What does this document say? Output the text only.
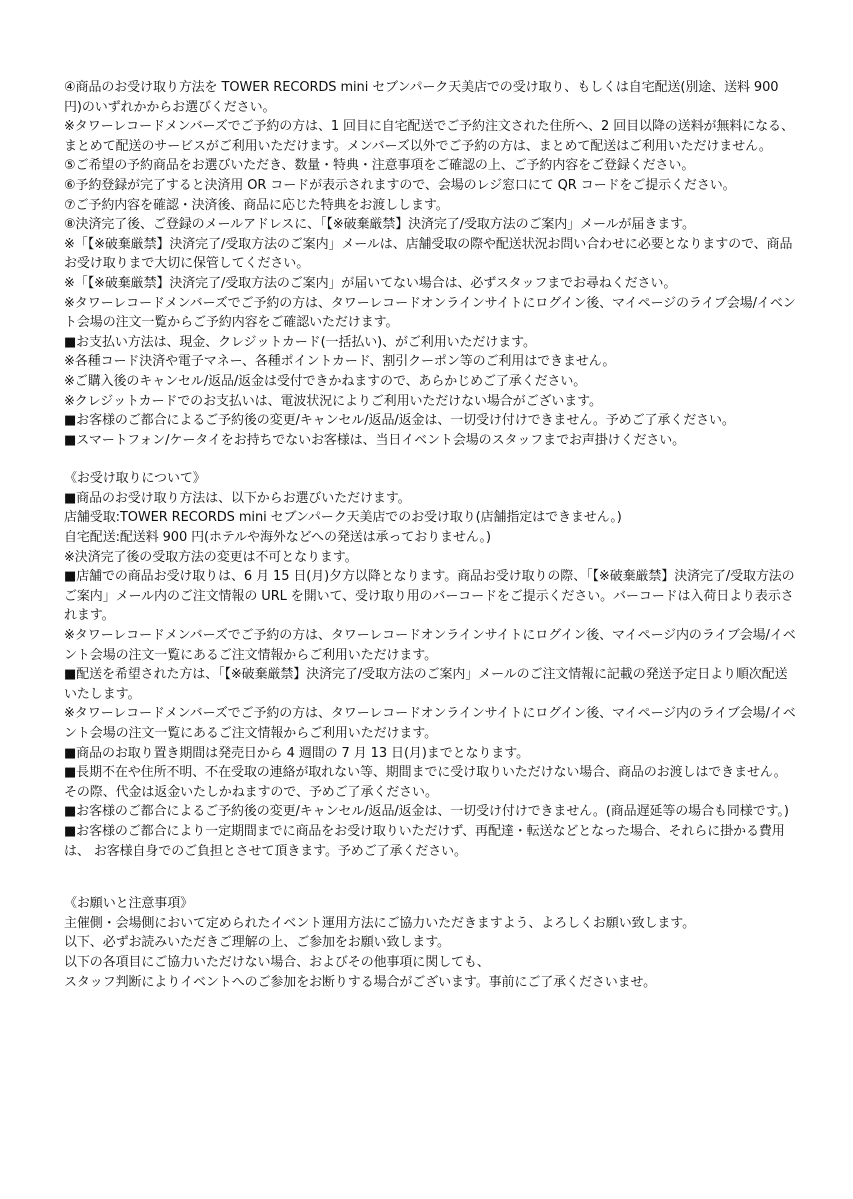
④商品のお受け取り方法を TOWER RECORDS mini セブンパーク天美店での受け取り、もしくは自宅配送(別途、送料 900 円)のいずれかからお選びください。

※タワーレコードメンバーズでご予約の方は、1 回目に自宅配送でご予約注文された住所へ、2 回目以降の送料が無料になる、まとめて配送のサービスがご利用いただけます。メンバーズ以外でご予約の方は、まとめて配送はご利用いただけません。

⑤ご希望の予約商品をお選びいただき、数量・特典・注意事項をご確認の上、ご予約内容をご登録ください。

⑥予約登録が完了すると決済用 OR コードが表示されますので、会場のレジ窓口にて QR コードをご提示ください。

⑦ご予約内容を確認・決済後、商品に応じた特典をお渡しします。

⑧決済完了後、ご登録のメールアドレスに、「【※破棄厳禁】決済完了/受取方法のご案内」メールが届きます。

※「【※破棄厳禁】決済完了/受取方法のご案内」メールは、店舗受取の際や配送状況お問い合わせに必要となりますので、商品お受け取りまで大切に保管してください。

※「【※破棄厳禁】決済完了/受取方法のご案内」が届いてない場合は、必ずスタッフまでお尋ねください。

※タワーレコードメンバーズでご予約の方は、タワーレコードオンラインサイトにログイン後、マイページのライブ会場/イベント会場の注文一覧からご予約内容をご確認いただけます。

■お支払い方法は、現金、クレジットカード(一括払い)、がご利用いただけます。

※各種コード決済や電子マネー、各種ポイントカード、割引クーポン等のご利用はできません。

※ご購入後のキャンセル/返品/返金は受付できかねますので、あらかじめご了承ください。

※クレジットカードでのお支払いは、電波状況によりご利用いただけない場合がございます。

■お客様のご都合によるご予約後の変更/キャンセル/返品/返金は、一切受け付けできません。予めご了承ください。

■スマートフォン/ケータイをお持ちでないお客様は、当日イベント会場のスタッフまでお声掛けください。

《お受け取りについて》

■商品のお受け取り方法は、以下からお選びいただけます。

店舗受取:TOWER RECORDS mini セブンパーク天美店でのお受け取り(店舗指定はできません。)

自宅配送:配送料 900 円(ホテルや海外などへの発送は承っておりません。)

※決済完了後の受取方法の変更は不可となります。

■店舗での商品お受け取りは、6 月 15 日(月)夕方以降となります。商品お受け取りの際、「【※破棄厳禁】決済完了/受取方法のご案内」メール内のご注文情報の URL を開いて、受け取り用のバーコードをご提示ください。バーコードは入荷日より表示されます。

※タワーレコードメンバーズでご予約の方は、タワーレコードオンラインサイトにログイン後、マイページ内のライブ会場/イベント会場の注文一覧にあるご注文情報からご利用いただけます。

■配送を希望された方は、「【※破棄厳禁】決済完了/受取方法のご案内」メールのご注文情報に記載の発送予定日より順次配送いたします。

※タワーレコードメンバーズでご予約の方は、タワーレコードオンラインサイトにログイン後、マイページ内のライブ会場/イベント会場の注文一覧にあるご注文情報からご利用いただけます。

■商品のお取り置き期間は発売日から 4 週間の 7 月 13 日(月)までとなります。

■長期不在や住所不明、不在受取の連絡が取れない等、期間までに受け取りいただけない場合、商品のお渡しはできません。その際、代金は返金いたしかねますので、予めご了承ください。

■お客様のご都合によるご予約後の変更/キャンセル/返品/返金は、一切受け付けできません。(商品遅延等の場合も同様です。)

■お客様のご都合により一定期間までに商品をお受け取りいただけず、再配達・転送などとなった場合、それらに掛かる費用は、 お客様自身でのご負担とさせて頂きます。予めご了承ください。

《お願いと注意事項》

主催側・会場側において定められたイベント運用方法にご協力いただきますよう、よろしくお願い致します。

以下、必ずお読みいただきご理解の上、ご参加をお願い致します。

以下の各項目にご協力いただけない場合、およびその他事項に関しても、

スタッフ判断によりイベントへのご参加をお断りする場合がございます。事前にご了承くださいませ。
